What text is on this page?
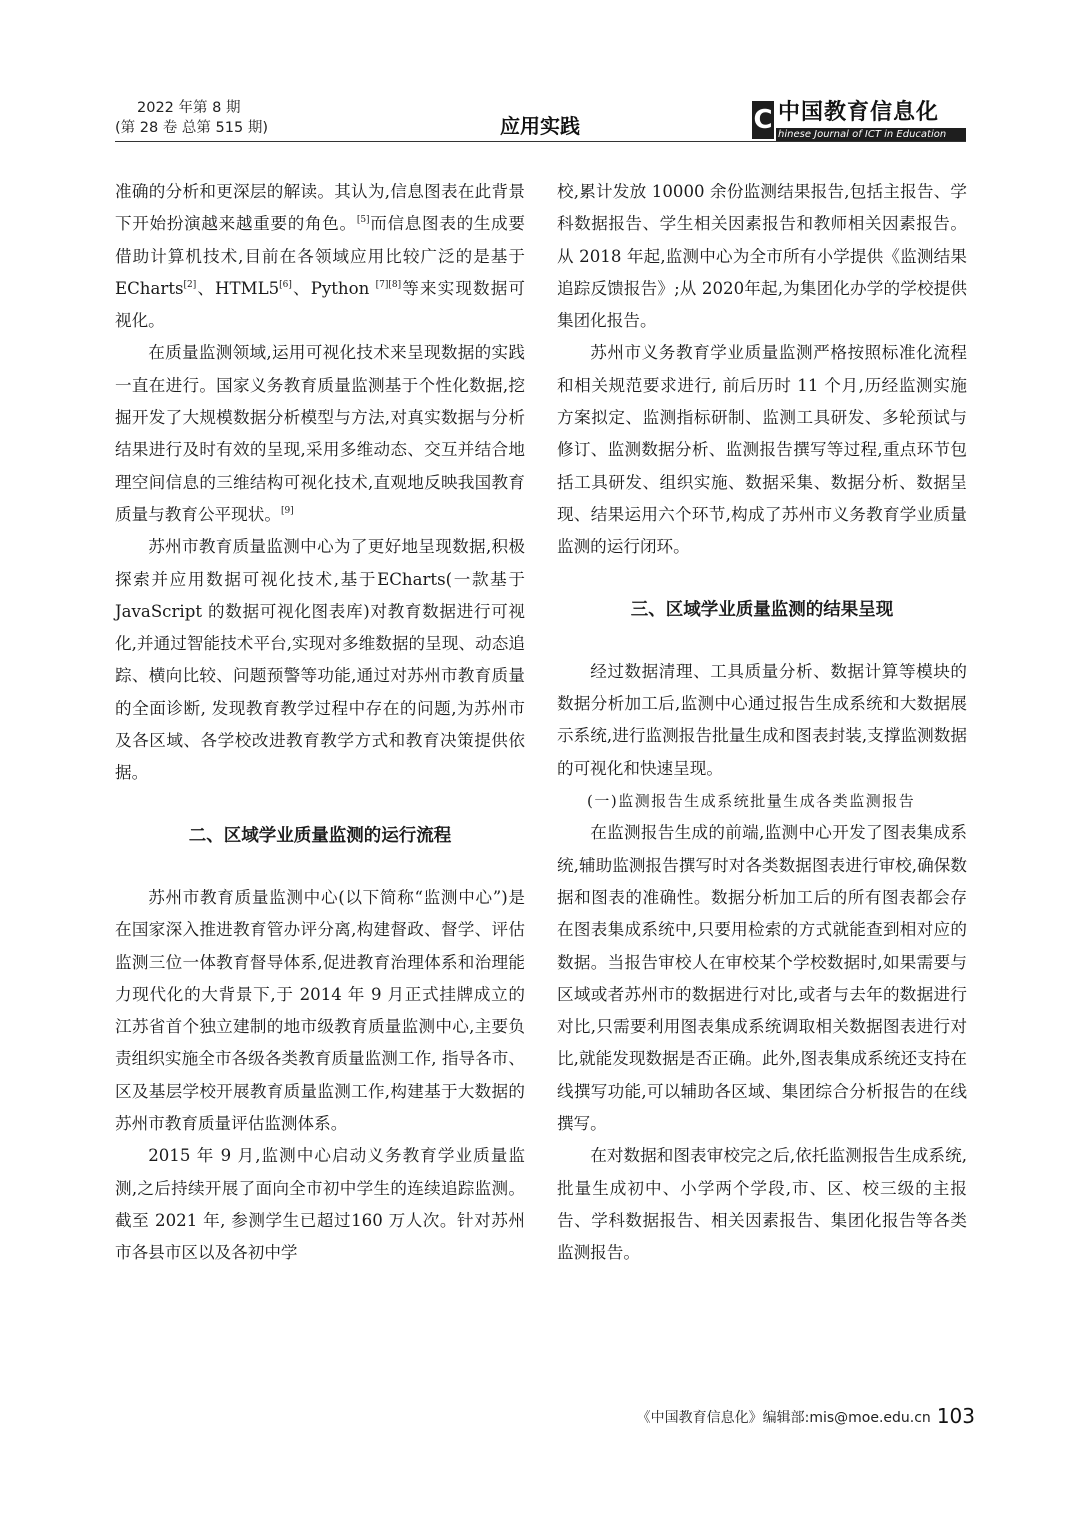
2022 年第 8 期
(第 28 卷 总第 515 期)	应用实践	C 中国教育信息化
hinese Journal of ICT in Education

准确的分析和更深层的解读。其认为,信息图表在此背景下开始扮演越来越重要的角色。[5]而信息图表的生成要借助计算机技术,目前在各领域应用比较广泛的是基于 ECharts[2]、HTML5[6]、Python [7][8]等来实现数据可视化。

在质量监测领域,运用可视化技术来呈现数据的实践一直在进行。国家义务教育质量监测基于个性化数据,挖掘开发了大规模数据分析模型与方法,对真实数据与分析结果进行及时有效的呈现,采用多维动态、交互并结合地理空间信息的三维结构可视化技术,直观地反映我国教育质量与教育公平现状。[9]

苏州市教育质量监测中心为了更好地呈现数据,积极探索并应用数据可视化技术,基于ECharts(一款基于 JavaScript 的数据可视化图表库)对教育数据进行可视化,并通过智能技术平台,实现对多维数据的呈现、动态追踪、横向比较、问题预警等功能,通过对苏州市教育质量的全面诊断, 发现教育教学过程中存在的问题,为苏州市及各区域、各学校改进教育教学方式和教育决策提供依据。

二、区域学业质量监测的运行流程

苏州市教育质量监测中心(以下简称“监测中心”)是在国家深入推进教育管办评分离,构建督政、督学、评估监测三位一体教育督导体系,促进教育治理体系和治理能力现代化的大背景下,于 2014 年 9 月正式挂牌成立的江苏省首个独立建制的地市级教育质量监测中心,主要负责组织实施全市各级各类教育质量监测工作, 指导各市、区及基层学校开展教育质量监测工作,构建基于大数据的苏州市教育质量评估监测体系。

2015 年 9 月,监测中心启动义务教育学业质量监测,之后持续开展了面向全市初中学生的连续追踪监测。截至 2021 年, 参测学生已超过160 万人次。针对苏州市各县市区以及各初中学

校,累计发放 10000 余份监测结果报告,包括主报告、学科数据报告、学生相关因素报告和教师相关因素报告。从 2018 年起,监测中心为全市所有小学提供《监测结果追踪反馈报告》;从 2020年起,为集团化办学的学校提供集团化报告。

苏州市义务教育学业质量监测严格按照标准化流程和相关规范要求进行, 前后历时 11 个月,历经监测实施方案拟定、监测指标研制、监测工具研发、多轮预试与修订、监测数据分析、监测报告撰写等过程,重点环节包括工具研发、组织实施、数据采集、数据分析、数据呈现、结果运用六个环节,构成了苏州市义务教育学业质量监测的运行闭环。

三、区域学业质量监测的结果呈现

经过数据清理、工具质量分析、数据计算等模块的数据分析加工后,监测中心通过报告生成系统和大数据展示系统,进行监测报告批量生成和图表封装,支撑监测数据的可视化和快速呈现。

(一)监测报告生成系统批量生成各类监测报告

在监测报告生成的前端,监测中心开发了图表集成系统,辅助监测报告撰写时对各类数据图表进行审校,确保数据和图表的准确性。数据分析加工后的所有图表都会存在图表集成系统中,只要用检索的方式就能查到相对应的数据。当报告审校人在审校某个学校数据时,如果需要与区域或者苏州市的数据进行对比,或者与去年的数据进行对比,只需要利用图表集成系统调取相关数据图表进行对比,就能发现数据是否正确。此外,图表集成系统还支持在线撰写功能,可以辅助各区域、集团综合分析报告的在线撰写。

在对数据和图表审校完之后,依托监测报告生成系统,批量生成初中、小学两个学段,市、区、校三级的主报告、学科数据报告、相关因素报告、集团化报告等各类监测报告。

《中国教育信息化》编辑部:mis@moe.edu.cn 103
